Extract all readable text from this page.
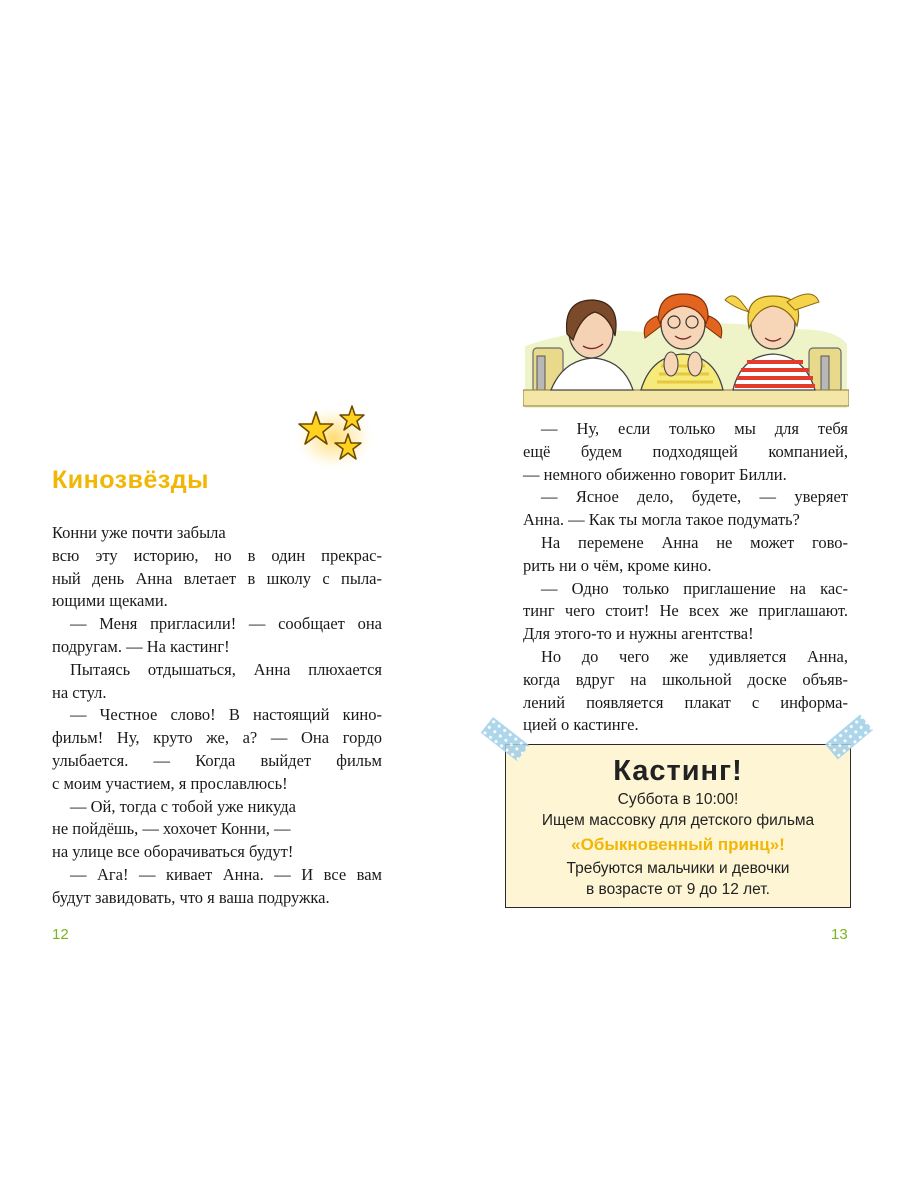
Кинозвёзды
Конни уже почти забыла
всю эту историю, но в один прекрас-
ный день Анна влетает в школу с пыла-
ющими щеками.
— Меня пригласили! — сообщает она
подругам. — На кастинг!
Пытаясь отдышаться, Анна плюхается
на стул.
— Честное слово! В настоящий кино-
фильм! Ну, круто же, а? — Она гордо
улыбается. — Когда выйдет фильм
с моим участием, я прославлюсь!
— Ой, тогда с тобой уже никуда
не пойдёшь, — хохочет Конни, —
на улице все оборачиваться будут!
— Ага! — кивает Анна. — И все вам
будут завидовать, что я ваша подружка.
12
— Ну, если только мы для тебя
ещё будем подходящей компанией,
— немного обиженно говорит Билли.
— Ясное дело, будете, — уверяет
Анна. — Как ты могла такое подумать?
На перемене Анна не может гово-
рить ни о чём, кроме кино.
— Одно только приглашение на кас-
тинг чего стоит! Не всех же приглашают.
Для этого-то и нужны агентства!
Но до чего же удивляется Анна,
когда вдруг на школьной доске объяв-
лений появляется плакат с информа-
цией о кастинге.
Кастинг!
Суббота в 10:00!
Ищем массовку для детского фильма
«Обыкновенный принц»!
Требуются мальчики и девочки
в возрасте от 9 до 12 лет.
13
